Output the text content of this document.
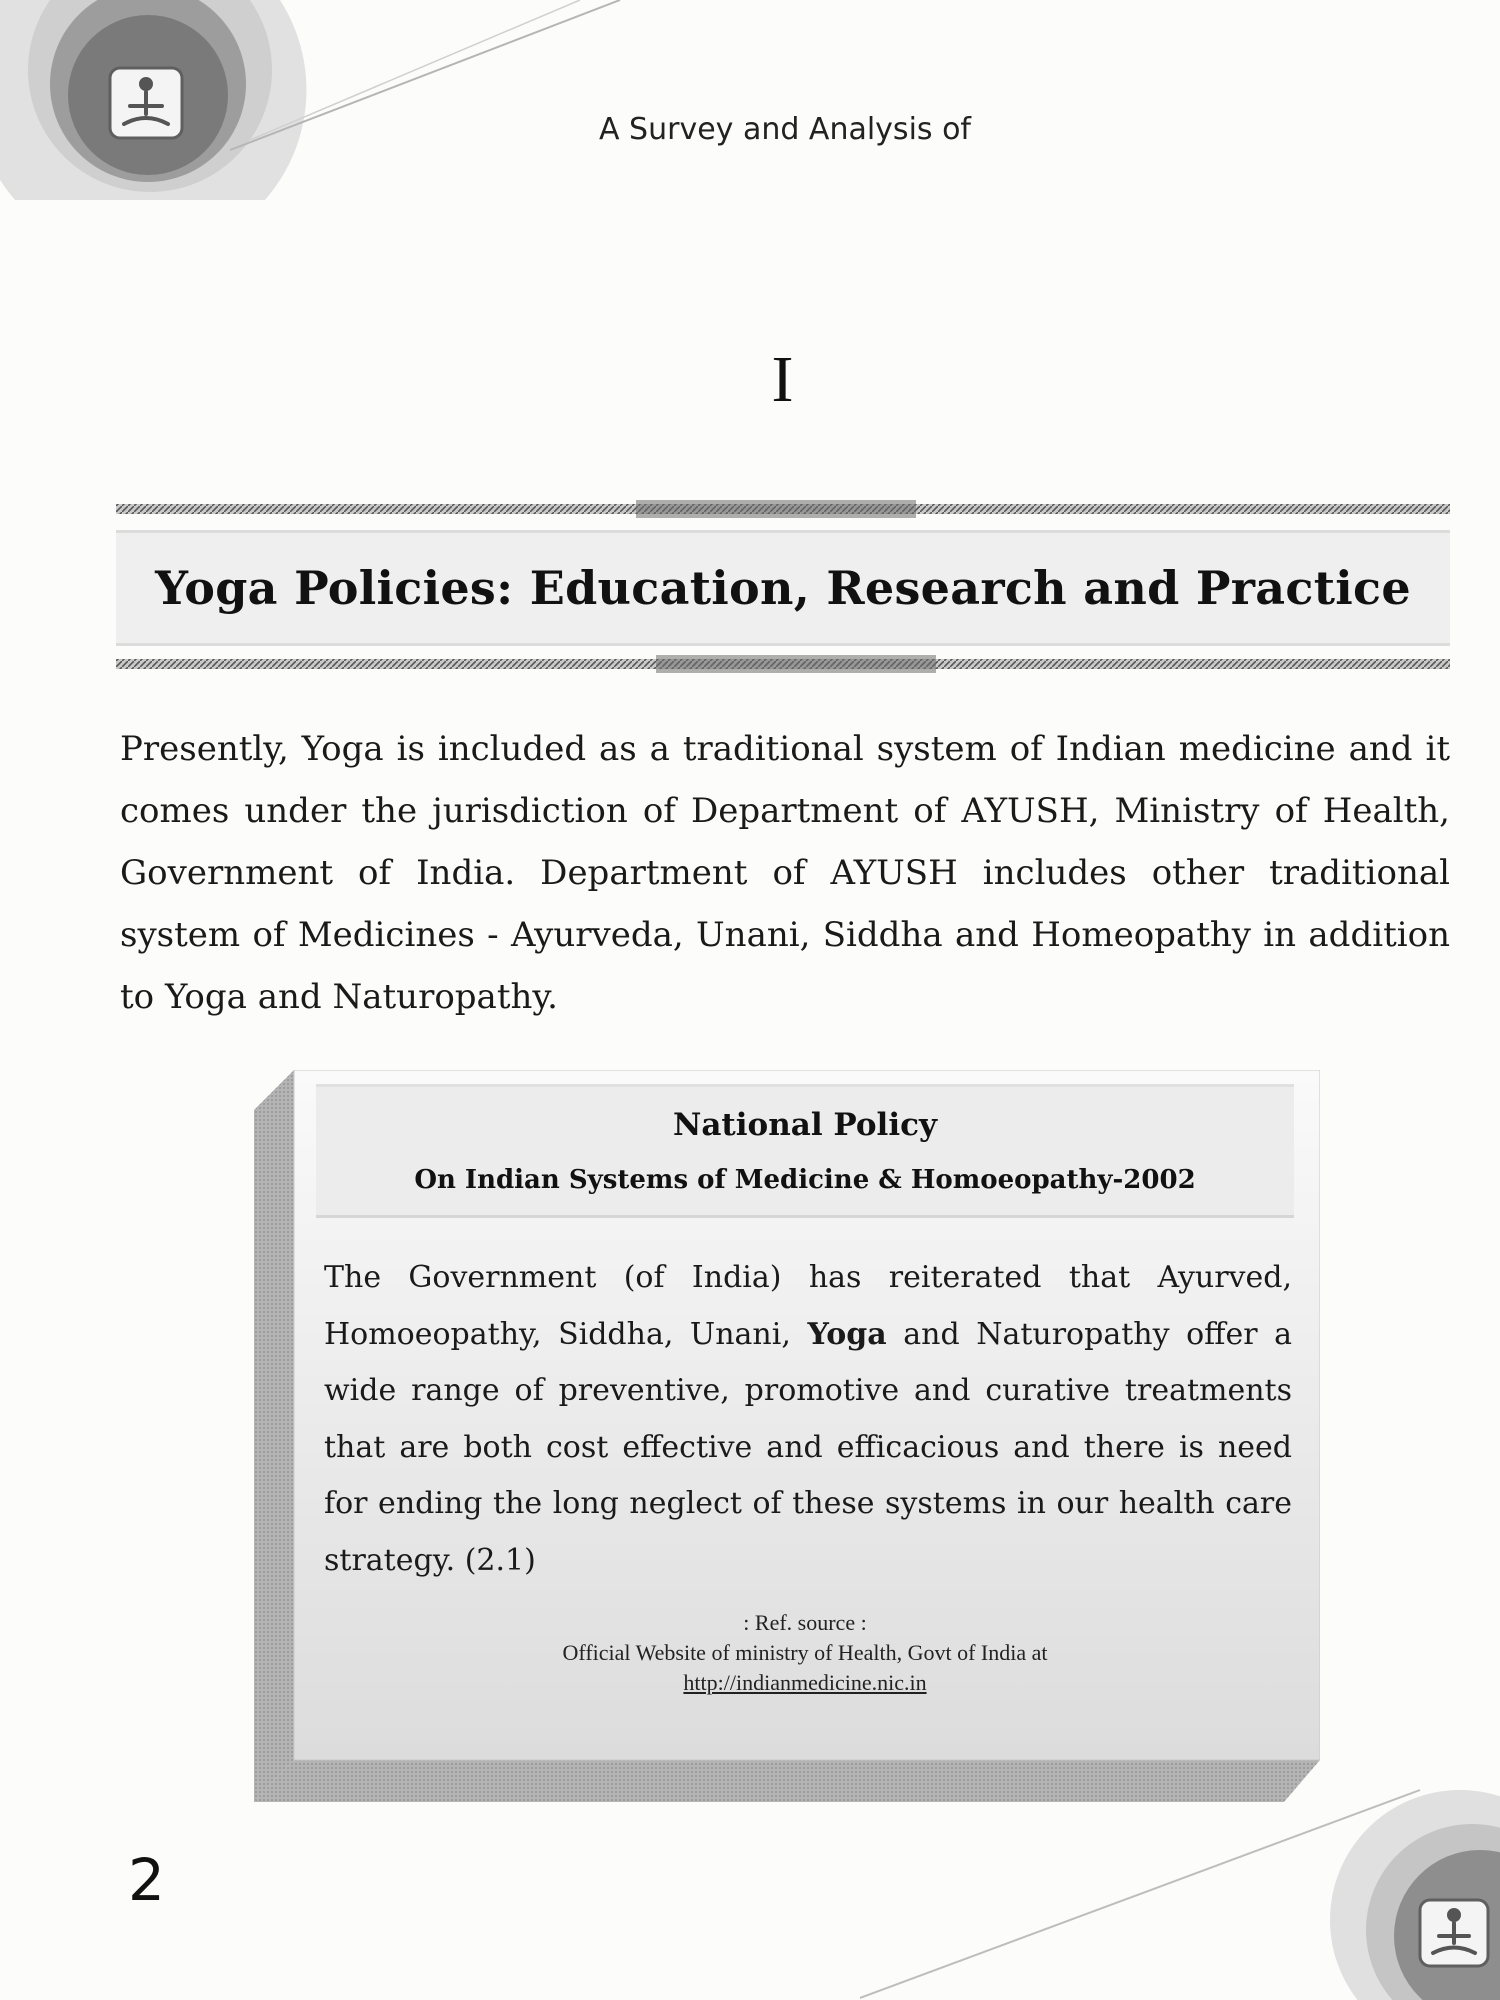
A Survey and Analysis of
I
Yoga Policies: Education, Research and Practice

Presently, Yoga is included as a traditional system of Indian medicine and it comes under the jurisdiction of Department of AYUSH, Ministry of Health, Government of India. Department of AYUSH includes other traditional system of Medicines - Ayurveda, Unani, Siddha and Homeopathy in addition to Yoga and Naturopathy.

National Policy
On Indian Systems of Medicine & Homoeopathy-2002

The Government (of India) has reiterated that Ayurved, Homoeopathy, Siddha, Unani, Yoga and Naturopathy offer a wide range of preventive, promotive and curative treatments that are both cost effective and efficacious and there is need for ending the long neglect of these systems in our health care strategy. (2.1)

: Ref. source :
Official Website of ministry of Health, Govt of India at
http://indianmedicine.nic.in
2
